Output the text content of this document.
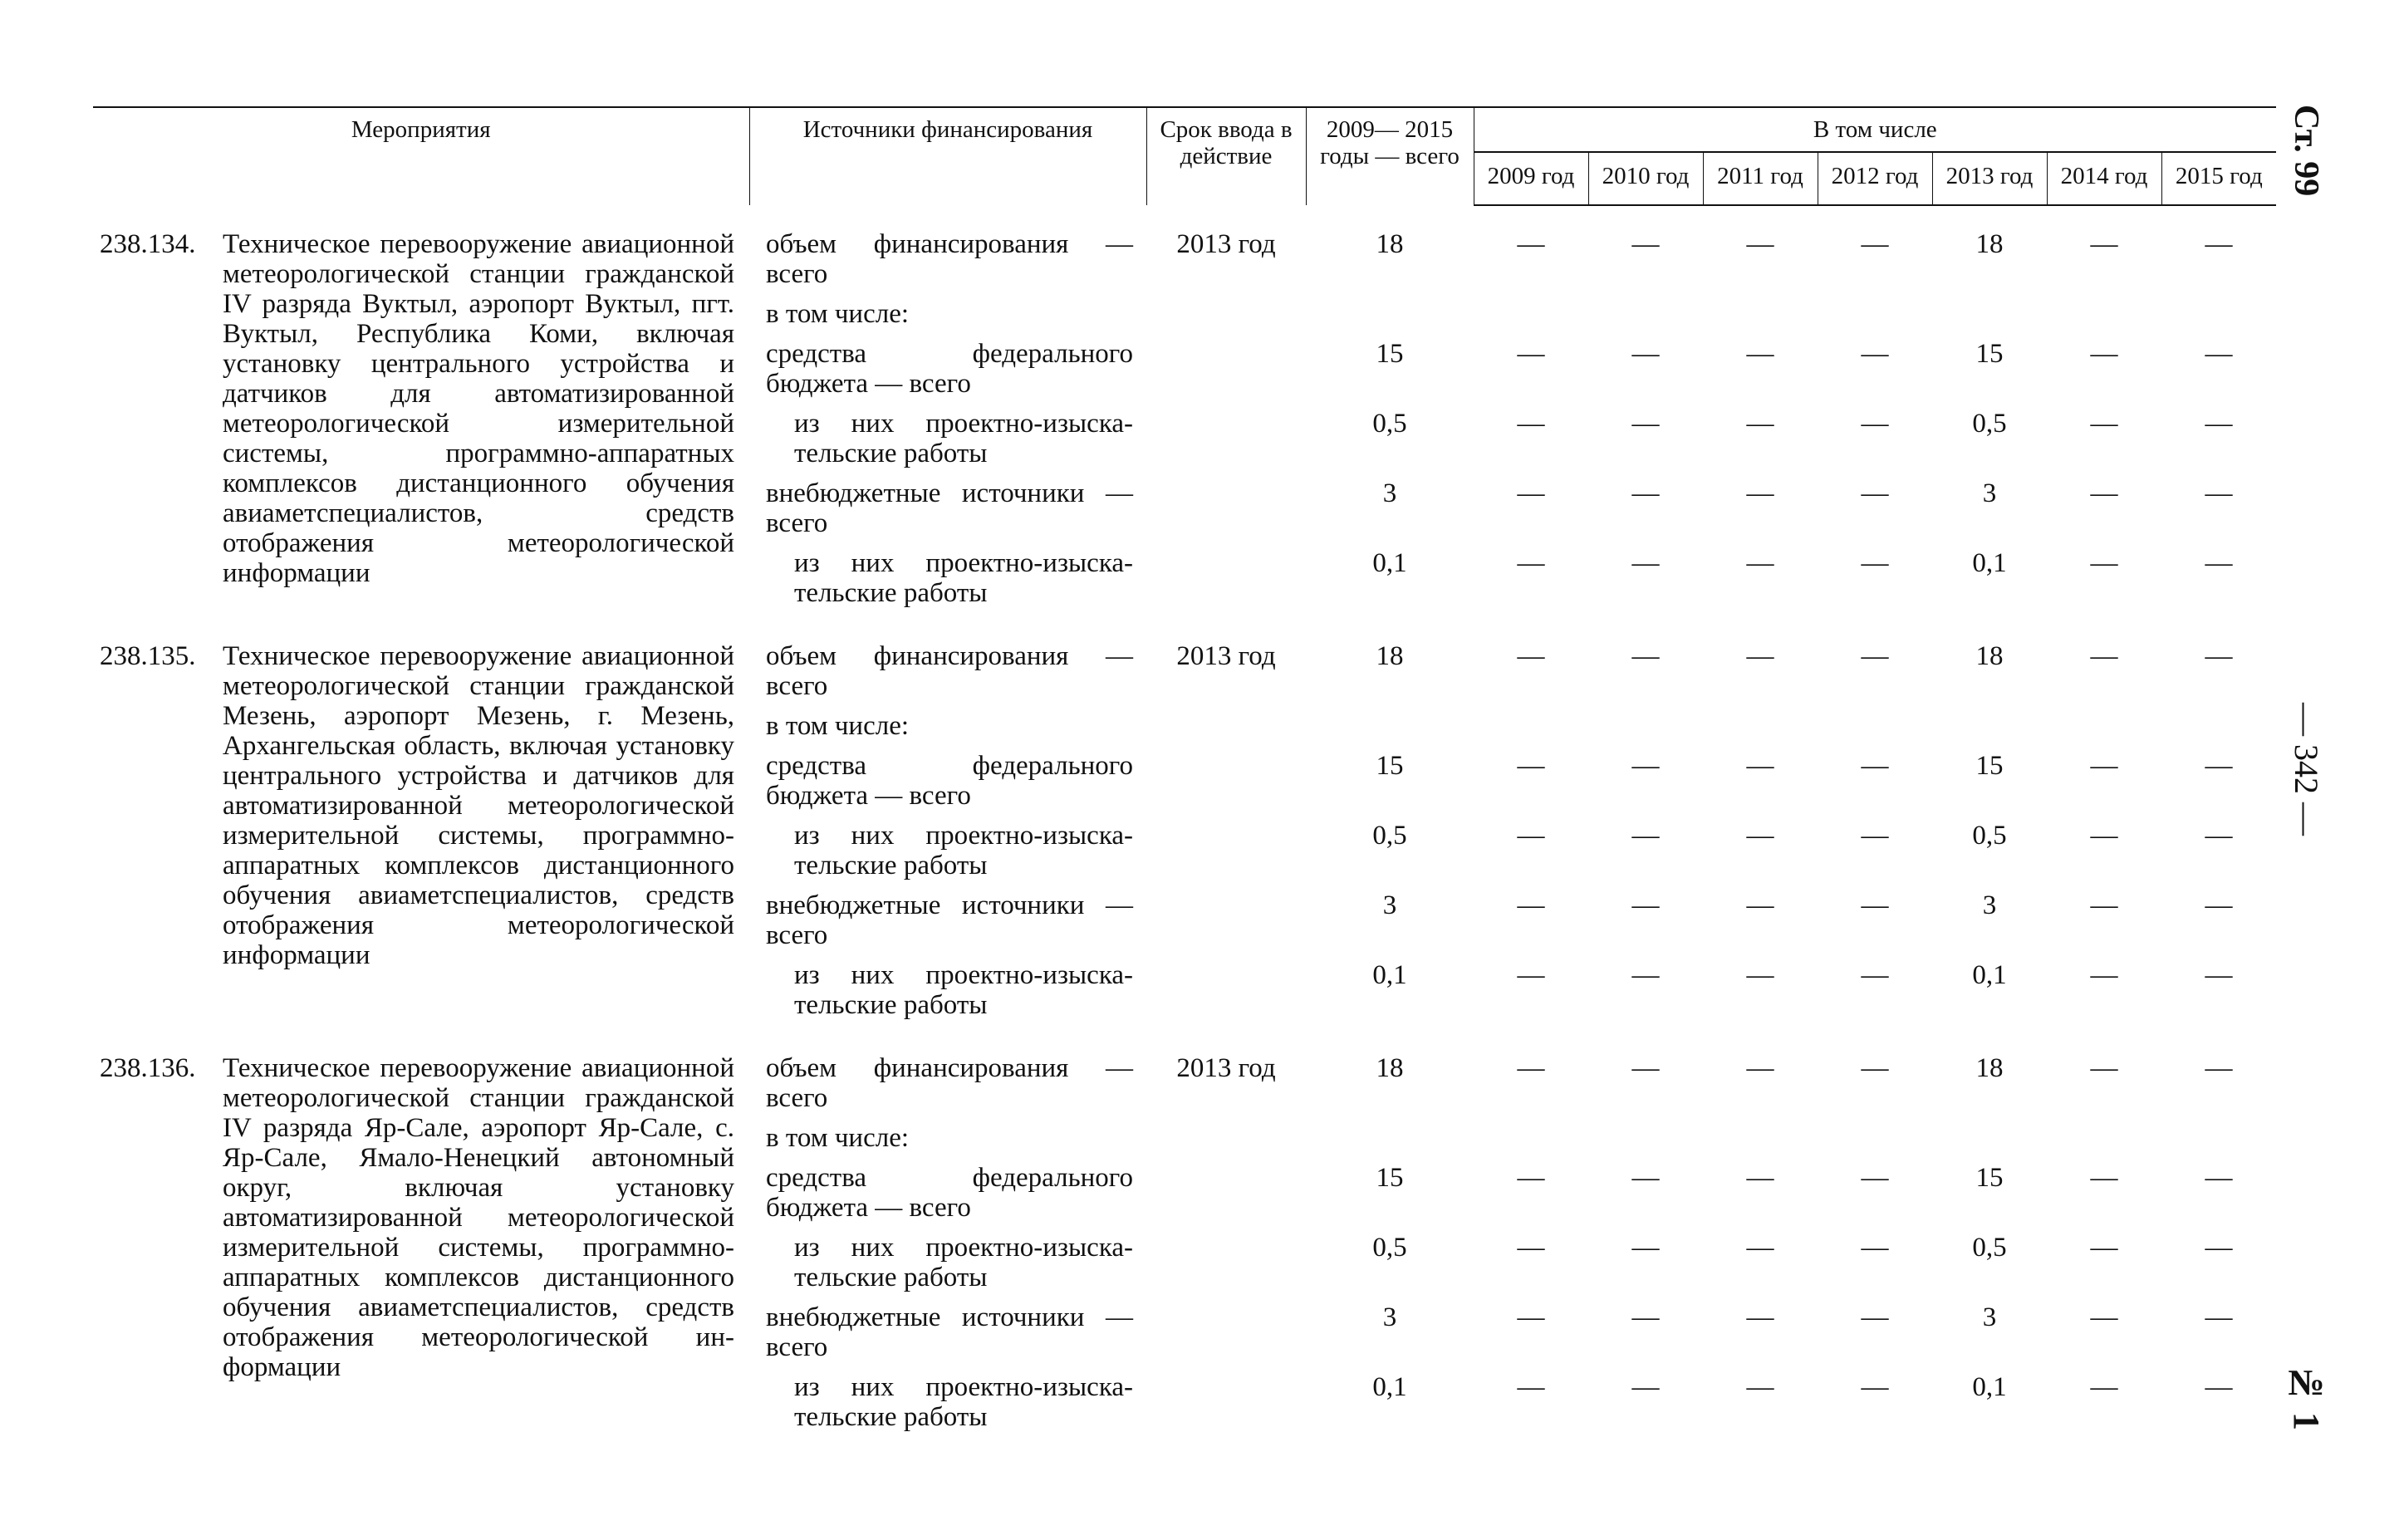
Мероприятия	Источники финансирования	Срок ввода в действие	2009— 2015 годы — всего	В том числе						
				2009 год	2010 год	2011 год	2012 год	2013 год	2014 год	2015 год

238.134. Техническое перевооружение авиационной метеорологической станции гражданской IV разряда Вуктыл, аэропорт Вуктыл, пгт. Вуктыл, Республика Коми, включая установку центрального устройства и датчиков для автоматизированной метеорологической измерительной системы, программно-аппаратных комплексов дистанционного обучения авиаметспециалистов, средств отображения метеорологической информации	объем финансирования — всего	2013 год	18	—	—	—	—	18	—	—

	в том числе:									

	средства федерального бюджета — всего		15	—	—	—	—	15	—	—

	из них проектно-изыскательские работы		0,5	—	—	—	—	0,5	—	—

	внебюджетные источники — всего		3	—	—	—	—	3	—	—

	из них проектно-изыскательские работы		0,1	—	—	—	—	0,1	—	—

238.135. Техническое перевооружение авиационной метеорологической станции гражданской Мезень, аэропорт Мезень, г. Мезень, Архангельская область, включая установку центрального устройства и датчиков для автоматизированной метеорологической измерительной системы, программно-аппаратных комплексов дистанционного обучения авиаметспециалистов, средств отображения метеорологической информации	объем финансирования — всего	2013 год	18	—	—	—	—	18	—	—

	в том числе:									

	средства федерального бюджета — всего		15	—	—	—	—	15	—	—

	из них проектно-изыскательские работы		0,5	—	—	—	—	0,5	—	—

	внебюджетные источники — всего		3	—	—	—	—	3	—	—

	из них проектно-изыскательские работы		0,1	—	—	—	—	0,1	—	—

238.136. Техническое перевооружение авиационной метеорологической станции гражданской IV разряда Яр-Сале, аэропорт Яр-Сале, с. Яр-Сале, Ямало-Ненецкий автономный округ, включая установку автоматизированной метеорологической измерительной системы, программно-аппаратных комплексов дистанционного обучения авиаметспециалистов, средств отображения метеорологической информации	объем финансирования — всего	2013 год	18	—	—	—	—	18	—	—

	в том числе:									

	средства федерального бюджета — всего		15	—	—	—	—	15	—	—

	из них проектно-изыскательские работы		0,5	—	—	—	—	0,5	—	—

	внебюджетные источники — всего		3	—	—	—	—	3	—	—

	из них проектно-изыскательские работы		0,1	—	—	—	—	0,1	—	—
Ст. 99
— 342 —
№ 1
